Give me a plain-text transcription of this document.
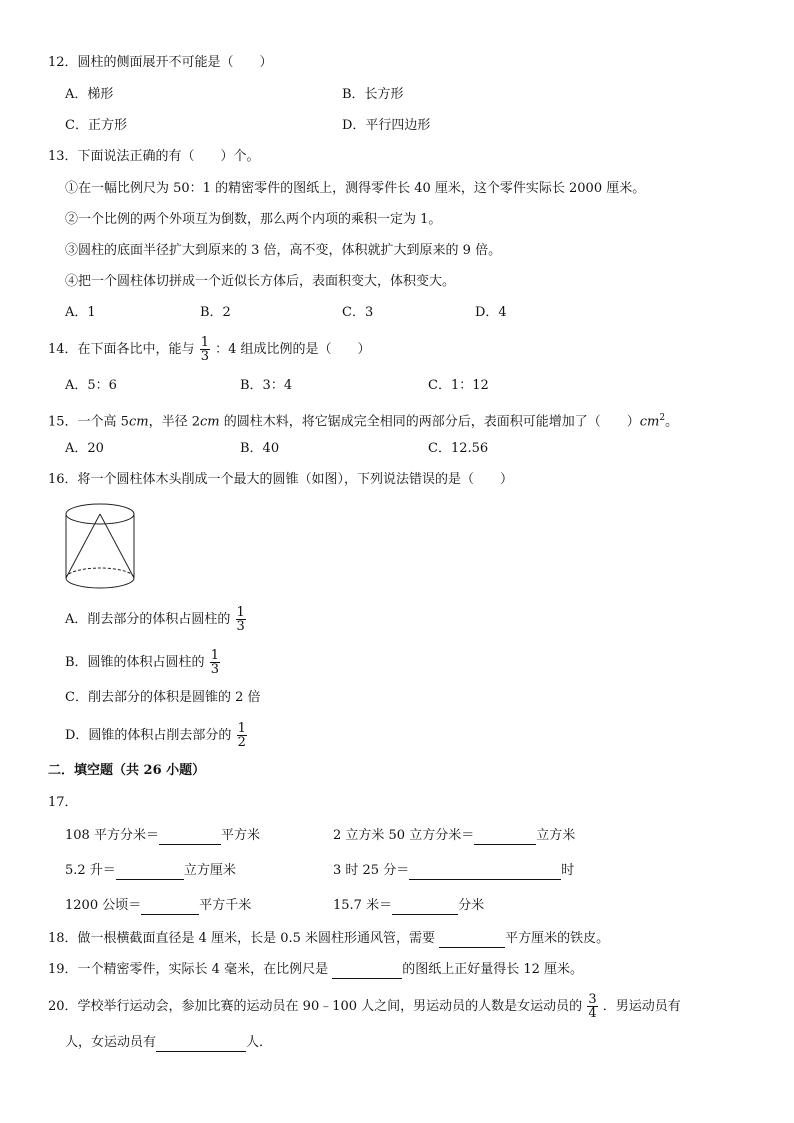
12．圆柱的侧面展开不可能是（　　）
A．梯形	B．长方形
C．正方形	D．平行四边形
13．下面说法正确的有（　　）个。
①在一幅比例尺为 50：1 的精密零件的图纸上，测得零件长 40 厘米，这个零件实际长 2000 厘米。
②一个比例的两个外项互为倒数，那么两个内项的乘积一定为 1。
③圆柱的底面半径扩大到原来的 3 倍，高不变，体积就扩大到原来的 9 倍。
④把一个圆柱体切拼成一个近似长方体后，表面积变大，体积变大。
A．1	B．2	C．3	D．4
14．在下面各比中，能与 $\frac{1}{3}$ ：4 组成比例的是（　　）
A．5：6	B．3：4	C．1：12
15．一个高 5cm，半径 2cm 的圆柱木料，将它锯成完全相同的两部分后，表面积可能增加了（　　）$cm^2$。
A．20	B．40	C．12.56
16．将一个圆柱体木头削成一个最大的圆锥（如图），下列说法错误的是（　　）
A．削去部分的体积占圆柱的 $\frac{1}{3}$
B．圆锥的体积占圆柱的 $\frac{1}{3}$
C．削去部分的体积是圆锥的 2 倍
D．圆锥的体积占削去部分的 $\frac{1}{2}$
二．填空题（共 26 小题）
17．
108 平方分米＝	平方米	2 立方米 50 立方分米＝	立方米
5.2 升＝	立方厘米	3 时 25 分＝	时
1200 公顷＝	平方千米	15.7 米＝	分米
18．做一根横截面直径是 4 厘米，长是 0.5 米圆柱形通风管，需要	平方厘米的铁皮。
19．一个精密零件，实际长 4 毫米，在比例尺是	的图纸上正好量得长 12 厘米。
20．学校举行运动会，参加比赛的运动员在 90﹣100 人之间，男运动员的人数是女运动员的 $\frac{3}{4}$ ．男运动员有
人，女运动员有	人．
